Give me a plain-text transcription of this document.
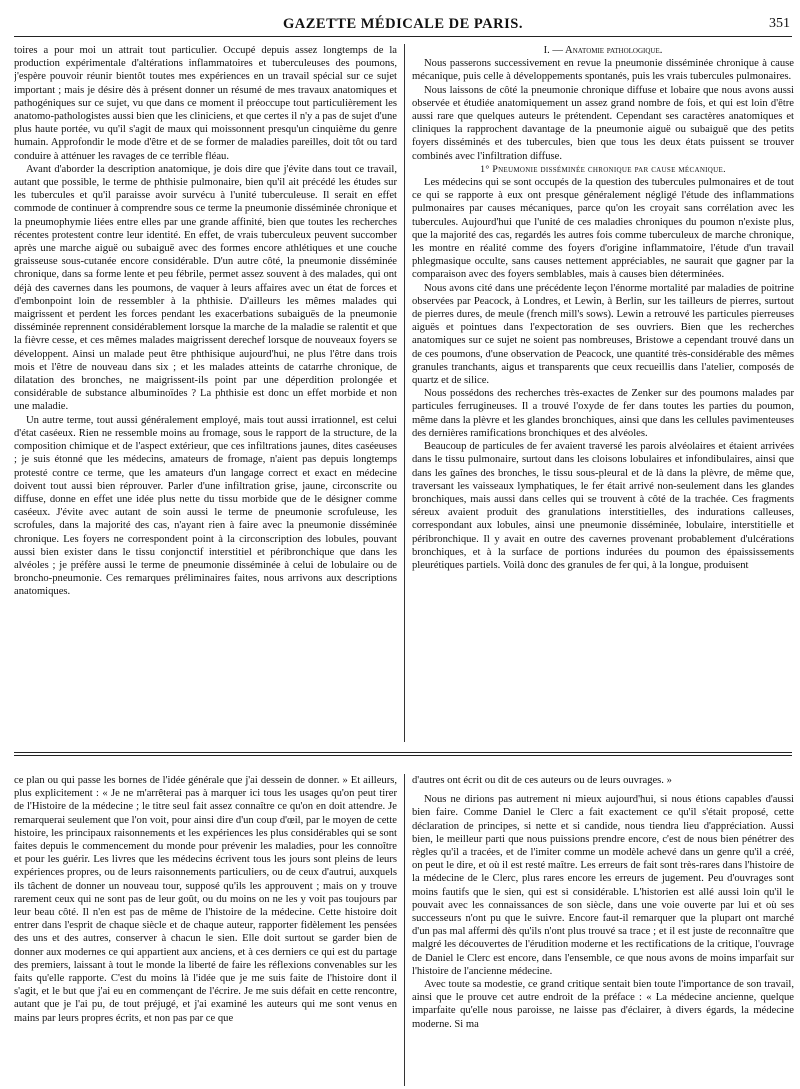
GAZETTE MÉDICALE DE PARIS.	351

toires a pour moi un attrait tout particulier. Occupé depuis assez longtemps de la production expérimentale d'altérations inflammatoires et tuberculeuses des poumons, j'espère pouvoir réunir bientôt toutes mes expériences en un travail spécial sur ce sujet important ; mais je désire dès à présent donner un résumé de mes travaux anatomiques et pathogéniques sur ce sujet, vu que dans ce moment il préoccupe tout particulièrement les anatomo-pathologistes aussi bien que les cliniciens, et que certes il n'y a pas de sujet d'une plus haute portée, vu qu'il s'agit de maux qui moissonnent presqu'un cinquième du genre humain. Approfondir le mode d'être et de se former de maladies pareilles, doit tôt ou tard conduire à atténuer les ravages de ce terrible fléau.

Avant d'aborder la description anatomique, je dois dire que j'évite dans tout ce travail, autant que possible, le terme de phthisie pulmonaire, bien qu'il ait précédé les études sur les tubercules et qu'il paraisse avoir survécu à l'unité tuberculeuse. Il serait en effet commode de continuer à comprendre sous ce terme la pneumonie disséminée chronique et la pneumophymie liées entre elles par une grande affinité, bien que toutes les recherches récentes protestent contre leur identité. En effet, de vrais tuberculeux peuvent succomber après une marche aiguë ou subaiguë avec des formes encore athlétiques et une couche graisseuse sous-cutanée encore considérable. D'un autre côté, la pneumonie disséminée chronique, dans sa forme lente et peu fébrile, permet assez souvent à des malades, qui ont déjà des cavernes dans les poumons, de vaquer à leurs affaires avec un état de forces et d'embonpoint loin de ressembler à la phthisie. D'ailleurs les mêmes malades qui maigrissent et perdent les forces pendant les exacerbations subaiguës de la pneumonie disséminée reprennent considérablement lorsque la marche de la maladie se ralentit et que la fièvre cesse, et ces mêmes malades maigrissent derechef lorsque de nouveaux foyers se développent. Ainsi un malade peut être phthisique aujourd'hui, ne plus l'être dans trois mois et l'être de nouveau dans six ; et les malades atteints de catarrhe chronique, de dilatation des bronches, ne maigrissent-ils point par une déperdition prolongée et considérable de substance albuminoïdes ? La phthisie est donc un effet morbide et non une maladie.

Un autre terme, tout aussi généralement employé, mais tout aussi irrationnel, est celui d'état caséeux. Rien ne ressemble moins au fromage, sous le rapport de la structure, de la composition chimique et de l'aspect extérieur, que ces infiltrations jaunes, dites caséeuses ; je suis étonné que les médecins, amateurs de fromage, n'aient pas depuis longtemps protesté contre ce terme, que les amateurs d'un langage correct et exact en médecine doivent tout aussi bien réprouver. Parler d'une infiltration grise, jaune, circonscrite ou diffuse, donne en effet une idée plus nette du tissu morbide que de le désigner comme caséeux. J'évite avec autant de soin aussi le terme de pneumonie scrofuleuse, les scrofules, dans la majorité des cas, n'ayant rien à faire avec la pneumonie disséminée chronique. Les foyers ne correspondent point à la circonscription des lobules, pouvant aussi bien exister dans le tissu conjonctif interstitiel et péribronchique que dans les alvéoles ; je préfère aussi le terme de pneumonie disséminée à celui de lobulaire ou de broncho-pneumonie. Ces remarques préliminaires faites, nous arrivons aux descriptions anatomiques.

I. — Anatomie pathologique.

Nous passerons successivement en revue la pneumonie disséminée chronique à cause mécanique, puis celle à développements spontanés, puis les vrais tubercules pulmonaires.

Nous laissons de côté la pneumonie chronique diffuse et lobaire que nous avons aussi observée et étudiée anatomiquement un assez grand nombre de fois, et qui est loin d'être aussi rare que quelques auteurs le prétendent. Cependant ses caractères anatomiques et cliniques la rapprochent davantage de la pneumonie aiguë ou subaiguë que des petits foyers disséminés et des tubercules, bien que tous les deux états puissent se trouver combinés avec l'infiltration diffuse.

1° Pneumonie disséminée chronique par cause mécanique.

Les médecins qui se sont occupés de la question des tubercules pulmonaires et de tout ce qui se rapporte à eux ont presque généralement négligé l'étude des inflammations pulmonaires par causes mécaniques, parce qu'on les croyait sans corrélation avec les tubercules. Aujourd'hui que l'unité de ces maladies chroniques du poumon n'existe plus, que la majorité des cas, regardés les autres fois comme tuberculeux de marche chronique, les montre en réalité comme des foyers d'origine inflammatoire, l'étude d'un travail phlegmasique occulte, sans causes nettement appréciables, ne saurait que gagner par la comparaison avec des foyers semblables, mais à causes bien déterminées.

Nous avons cité dans une précédente leçon l'énorme mortalité par maladies de poitrine observées par Peacock, à Londres, et Lewin, à Berlin, sur les tailleurs de pierres, surtout de pierres dures, de meule (french mill's sows). Lewin a retrouvé les particules pierreuses aiguës et pointues dans l'expectoration de ses ouvriers. Bien que les recherches anatomiques sur ce sujet ne soient pas nombreuses, Bristowe a cependant trouvé dans un de ces poumons, d'une observation de Peacock, une quantité très-considérable des mêmes granules tranchants, aigus et transparents que ceux recueillis dans l'atelier, composés de quartz et de silice.

Nous possédons des recherches très-exactes de Zenker sur des poumons malades par particules ferrugineuses. Il a trouvé l'oxyde de fer dans toutes les parties du poumon, même dans la plèvre et les glandes bronchiques, ainsi que dans les cellules pavimenteuses des dernières ramifications bronchiques et des alvéoles.

Beaucoup de particules de fer avaient traversé les parois alvéolaires et étaient arrivées dans le tissu pulmonaire, surtout dans les cloisons lobulaires et infondibulaires, ainsi que dans les gaînes des bronches, le tissu sous-pleural et de là dans la plèvre, de même que, traversant les vaisseaux lymphatiques, le fer était arrivé non-seulement dans les glandes bronchiques, mais aussi dans celles qui se trouvent à côté de la trachée. Ces fragments séreux avaient produit des granulations interstitielles, des indurations calleuses, correspondant aux lobules, ainsi une pneumonie disséminée, lobulaire, interstitielle et péribronchique. Il y avait en outre des cavernes provenant probablement d'ulcérations bronchiques, et à la surface de portions indurées du poumon des épaississements pleurétiques partiels. Voilà donc des granules de fer qui, à la longue, produisent

ce plan ou qui passe les bornes de l'idée générale que j'ai dessein de donner. » Et ailleurs, plus explicitement : « Je ne m'arrêterai pas à marquer ici tous les usages qu'on peut tirer de l'Histoire de la médecine ; le titre seul fait assez connaître ce qu'on en doit attendre. Je remarquerai seulement que l'on voit, pour ainsi dire d'un coup d'œil, par le moyen de cette histoire, les principaux raisonnements et les expériences les plus considérables qui se sont faites depuis le commencement du monde pour prévenir les maladies, pour les connoître et pour les guérir. Les livres que les médecins écrivent tous les jours sont pleins de leurs expériences propres, ou de leurs raisonnements particuliers, ou de ceux d'autrui, auxquels ils tâchent de donner un nouveau tour, supposé qu'ils les approuvent ; mais on y trouve rarement ceux qui ne sont pas de leur goût, ou du moins on ne les y voit pas toujours par leur beau côté. Il n'en est pas de même de l'histoire de la médecine. Cette histoire doit entrer dans l'esprit de chaque siècle et de chaque auteur, rapporter fidèlement les pensées des uns et des autres, conserver à chacun le sien. Elle doit surtout se garder bien de donner aux modernes ce qui appartient aux anciens, et à ces derniers ce qui est du partage des premiers, laissant à tout le monde la liberté de faire les réflexions convenables sur les faits qu'elle rapporte. C'est du moins là l'idée que je me suis faite de l'histoire dont il s'agit, et le but que j'ai eu en commençant de l'écrire. Je me suis défait en cette rencontre, autant que je l'ai pu, de tout préjugé, et j'ai examiné les auteurs qui me sont venus en mains par leurs propres écrits, et non pas par ce que

d'autres ont écrit ou dit de ces auteurs ou de leurs ouvrages. »

Nous ne dirions pas autrement ni mieux aujourd'hui, si nous étions capables d'aussi bien faire. Comme Daniel le Clerc a fait exactement ce qu'il s'était proposé, cette déclaration de principes, si nette et si candide, nous tiendra lieu d'appréciation. Aussi bien, le meilleur parti que nous puissions prendre encore, c'est de nous bien pénétrer des règles qu'il a tracées, et de l'imiter comme un modèle achevé dans un genre qu'il a créé, on peut le dire, et où il est resté maître. Les erreurs de fait sont très-rares dans l'histoire de la médecine de le Clerc, plus rares encore les erreurs de jugement. Peu d'ouvrages sont moins fautifs que le sien, qui est si considérable. L'historien est allé aussi loin qu'il le pouvait avec les connaissances de son siècle, dans une voie ouverte par lui et où ses successeurs n'ont pu que le suivre. Encore faut-il remarquer que la plupart ont marché d'un pas mal affermi dès qu'ils n'ont plus trouvé sa trace ; et il est juste de reconnaître que malgré les découvertes de l'érudition moderne et les rectifications de la critique, l'ouvrage de Daniel le Clerc est encore, dans l'ensemble, ce que nous avons de moins imparfait sur l'histoire de l'ancienne médecine.

Avec toute sa modestie, ce grand critique sentait bien toute l'importance de son travail, ainsi que le prouve cet autre endroit de la préface : « La médecine ancienne, quelque imparfaite qu'elle nous paroisse, ne laisse pas d'éclairer, à divers égards, la médecine moderne. Si ma
